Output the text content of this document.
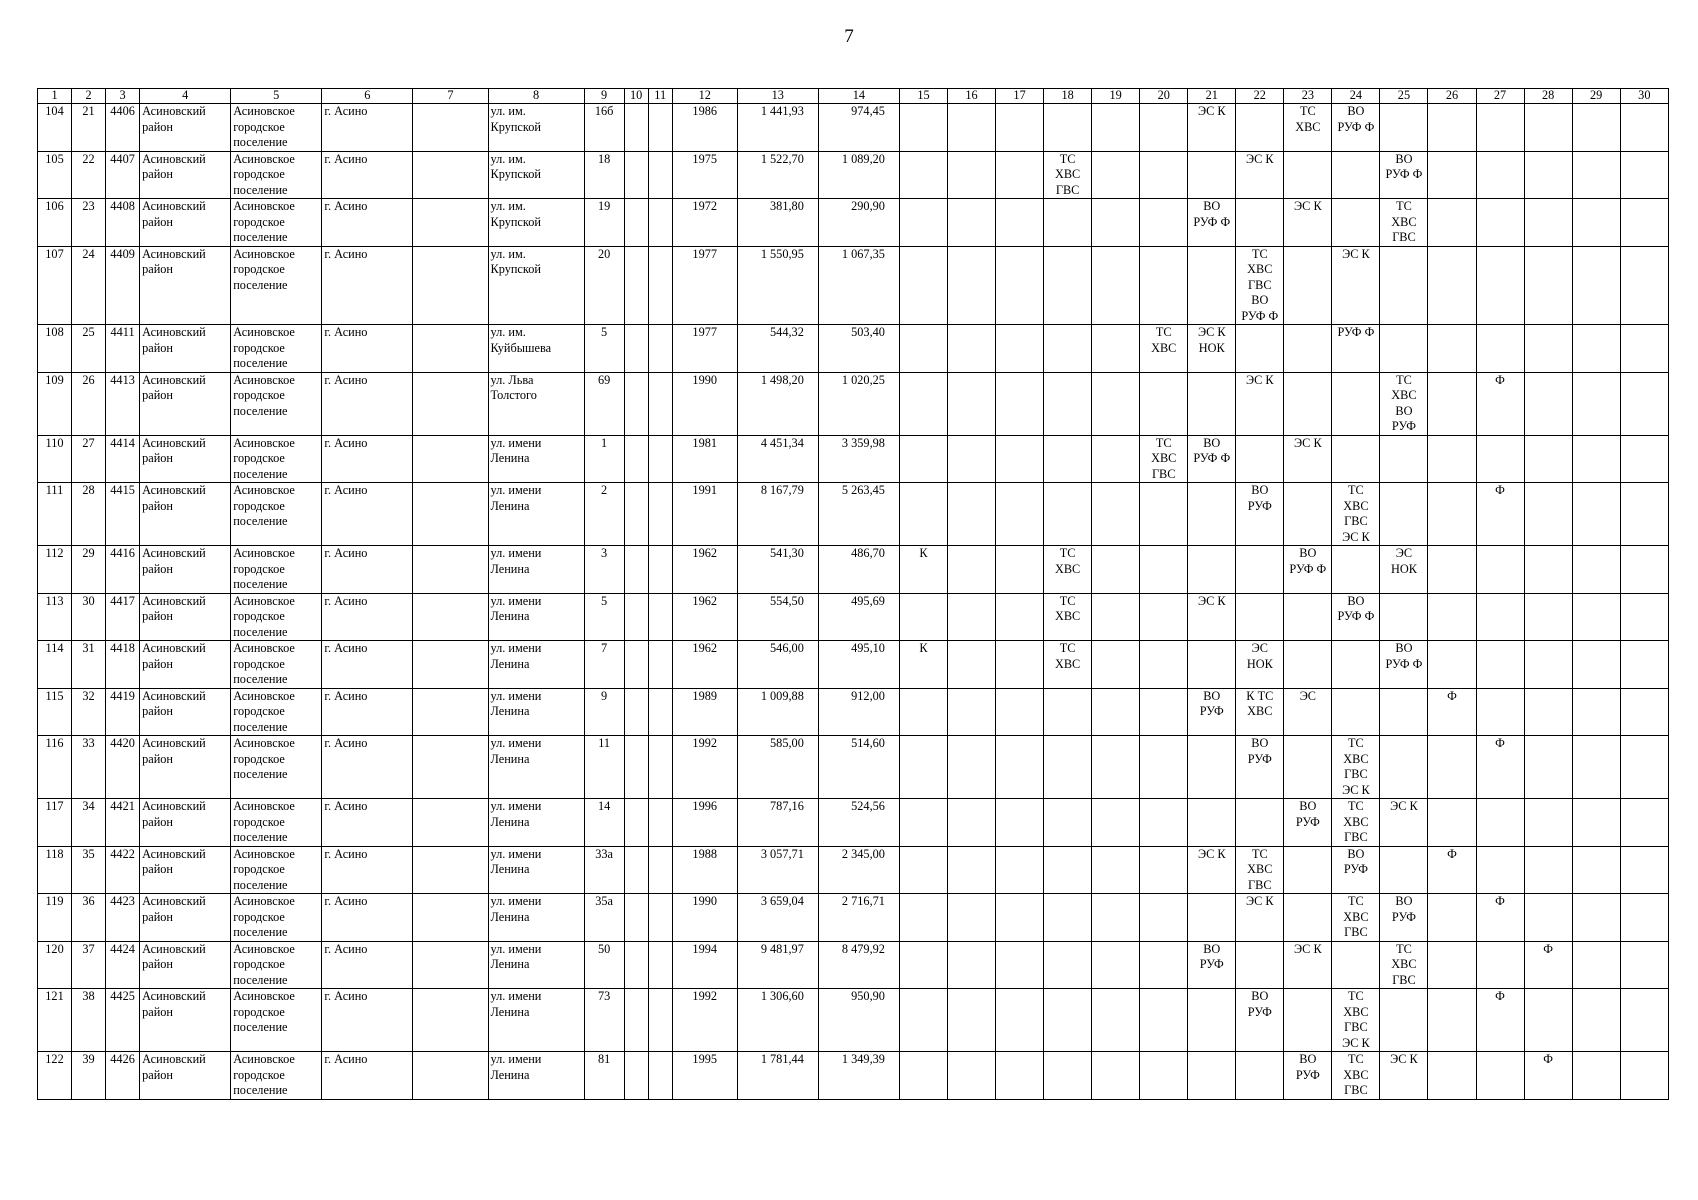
7
1	2	3	4	5	6	7	8	9	10	11	12	13	14	15	16	17	18	19	20	21	22	23	24	25	26	27	28	29	30
104	21	4406	Асиновский
район	Асиновское
городское
поселение	г. Асино		ул. им.
Крупской	16б			1986	1 441,93	974,45							ЭС К		ТС
ХВС	ВО
РУФ Ф						
105	22	4407	Асиновский
район	Асиновское
городское
поселение	г. Асино		ул. им.
Крупской	18			1975	1 522,70	1 089,20				ТС
ХВС
ГВС				ЭС К			ВО
РУФ Ф					
106	23	4408	Асиновский
район	Асиновское
городское
поселение	г. Асино		ул. им.
Крупской	19			1972	381,80	290,90							ВО
РУФ Ф		ЭС К		ТС
ХВС
ГВС					
107	24	4409	Асиновский
район	Асиновское
городское
поселение	г. Асино		ул. им.
Крупской	20			1977	1 550,95	1 067,35								ТС
ХВС
ГВС
ВО
РУФ Ф		ЭС К						
108	25	4411	Асиновский
район	Асиновское
городское
поселение	г. Асино		ул. им.
Куйбышева	5			1977	544,32	503,40						ТС
ХВС	ЭС К
НОК			РУФ Ф						
109	26	4413	Асиновский
район	Асиновское
городское
поселение	г. Асино		ул. Льва
Толстого	69			1990	1 498,20	1 020,25								ЭС К			ТС
ХВС
ВО
РУФ		Ф			
110	27	4414	Асиновский
район	Асиновское
городское
поселение	г. Асино		ул. имени
Ленина	1			1981	4 451,34	3 359,98						ТС
ХВС
ГВС	ВО
РУФ Ф		ЭС К							
111	28	4415	Асиновский
район	Асиновское
городское
поселение	г. Асино		ул. имени
Ленина	2			1991	8 167,79	5 263,45								ВО
РУФ		ТС
ХВС
ГВС
ЭС К			Ф			
112	29	4416	Асиновский
район	Асиновское
городское
поселение	г. Асино		ул. имени
Ленина	3			1962	541,30	486,70	К			ТС
ХВС					ВО
РУФ Ф		ЭС
НОК					
113	30	4417	Асиновский
район	Асиновское
городское
поселение	г. Асино		ул. имени
Ленина	5			1962	554,50	495,69				ТС
ХВС			ЭС К			ВО
РУФ Ф						
114	31	4418	Асиновский
район	Асиновское
городское
поселение	г. Асино		ул. имени
Ленина	7			1962	546,00	495,10	К			ТС
ХВС				ЭС
НОК			ВО
РУФ Ф					
115	32	4419	Асиновский
район	Асиновское
городское
поселение	г. Асино		ул. имени
Ленина	9			1989	1 009,88	912,00							ВО
РУФ	К ТС
ХВС	ЭС			Ф				
116	33	4420	Асиновский
район	Асиновское
городское
поселение	г. Асино		ул. имени
Ленина	11			1992	585,00	514,60								ВО
РУФ		ТС
ХВС
ГВС
ЭС К			Ф			
117	34	4421	Асиновский
район	Асиновское
городское
поселение	г. Асино		ул. имени
Ленина	14			1996	787,16	524,56									ВО
РУФ	ТС
ХВС
ГВС	ЭС К					
118	35	4422	Асиновский
район	Асиновское
городское
поселение	г. Асино		ул. имени
Ленина	33а			1988	3 057,71	2 345,00							ЭС К	ТС
ХВС
ГВС		ВО
РУФ		Ф				
119	36	4423	Асиновский
район	Асиновское
городское
поселение	г. Асино		ул. имени
Ленина	35а			1990	3 659,04	2 716,71								ЭС К		ТС
ХВС
ГВС	ВО
РУФ		Ф			
120	37	4424	Асиновский
район	Асиновское
городское
поселение	г. Асино		ул. имени
Ленина	50			1994	9 481,97	8 479,92							ВО
РУФ		ЭС К		ТС
ХВС
ГВС			Ф		
121	38	4425	Асиновский
район	Асиновское
городское
поселение	г. Асино		ул. имени
Ленина	73			1992	1 306,60	950,90								ВО
РУФ		ТС
ХВС
ГВС
ЭС К			Ф			
122	39	4426	Асиновский
район	Асиновское
городское
поселение	г. Асино		ул. имени
Ленина	81			1995	1 781,44	1 349,39									ВО
РУФ	ТС
ХВС
ГВС	ЭС К			Ф		
